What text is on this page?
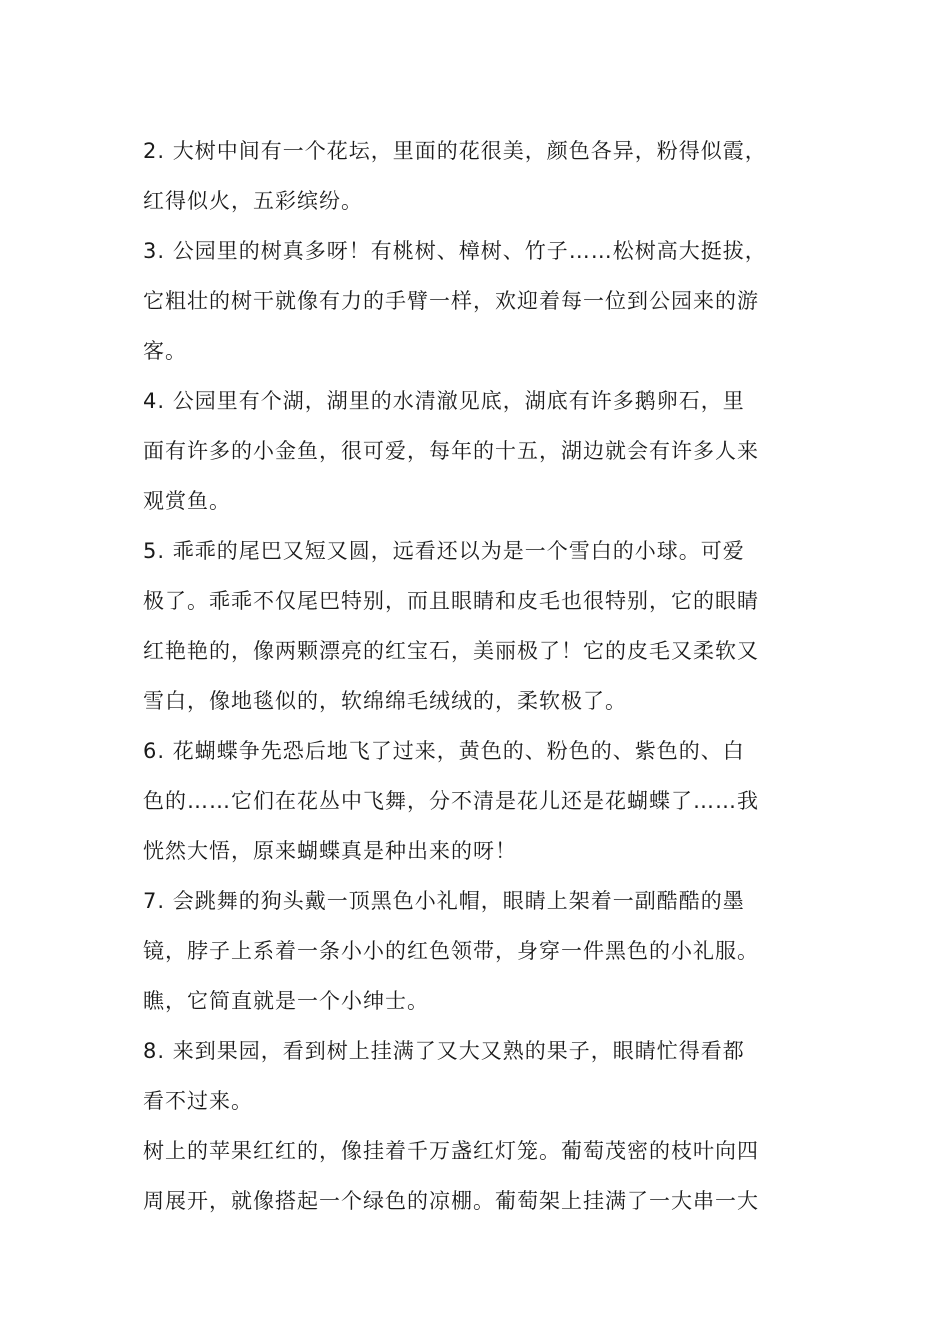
2. 大树中间有一个花坛，里面的花很美，颜色各异，粉得似霞，
红得似火，五彩缤纷。
3. 公园里的树真多呀！有桃树、樟树、竹子……松树高大挺拔，
它粗壮的树干就像有力的手臂一样，欢迎着每一位到公园来的游
客。
4. 公园里有个湖，湖里的水清澈见底，湖底有许多鹅卵石，里
面有许多的小金鱼，很可爱，每年的十五，湖边就会有许多人来
观赏鱼。
5. 乖乖的尾巴又短又圆，远看还以为是一个雪白的小球。可爱
极了。乖乖不仅尾巴特别，而且眼睛和皮毛也很特别，它的眼睛
红艳艳的，像两颗漂亮的红宝石，美丽极了！它的皮毛又柔软又
雪白，像地毯似的，软绵绵毛绒绒的，柔软极了。
6. 花蝴蝶争先恐后地飞了过来，黄色的、粉色的、紫色的、白
色的……它们在花丛中飞舞，分不清是花儿还是花蝴蝶了……我
恍然大悟，原来蝴蝶真是种出来的呀！
7. 会跳舞的狗头戴一顶黑色小礼帽，眼睛上架着一副酷酷的墨
镜，脖子上系着一条小小的红色领带，身穿一件黑色的小礼服。
瞧，它简直就是一个小绅士。
8. 来到果园，看到树上挂满了又大又熟的果子，眼睛忙得看都
看不过来。
树上的苹果红红的，像挂着千万盏红灯笼。葡萄茂密的枝叶向四
周展开，就像搭起一个绿色的凉棚。葡萄架上挂满了一大串一大
